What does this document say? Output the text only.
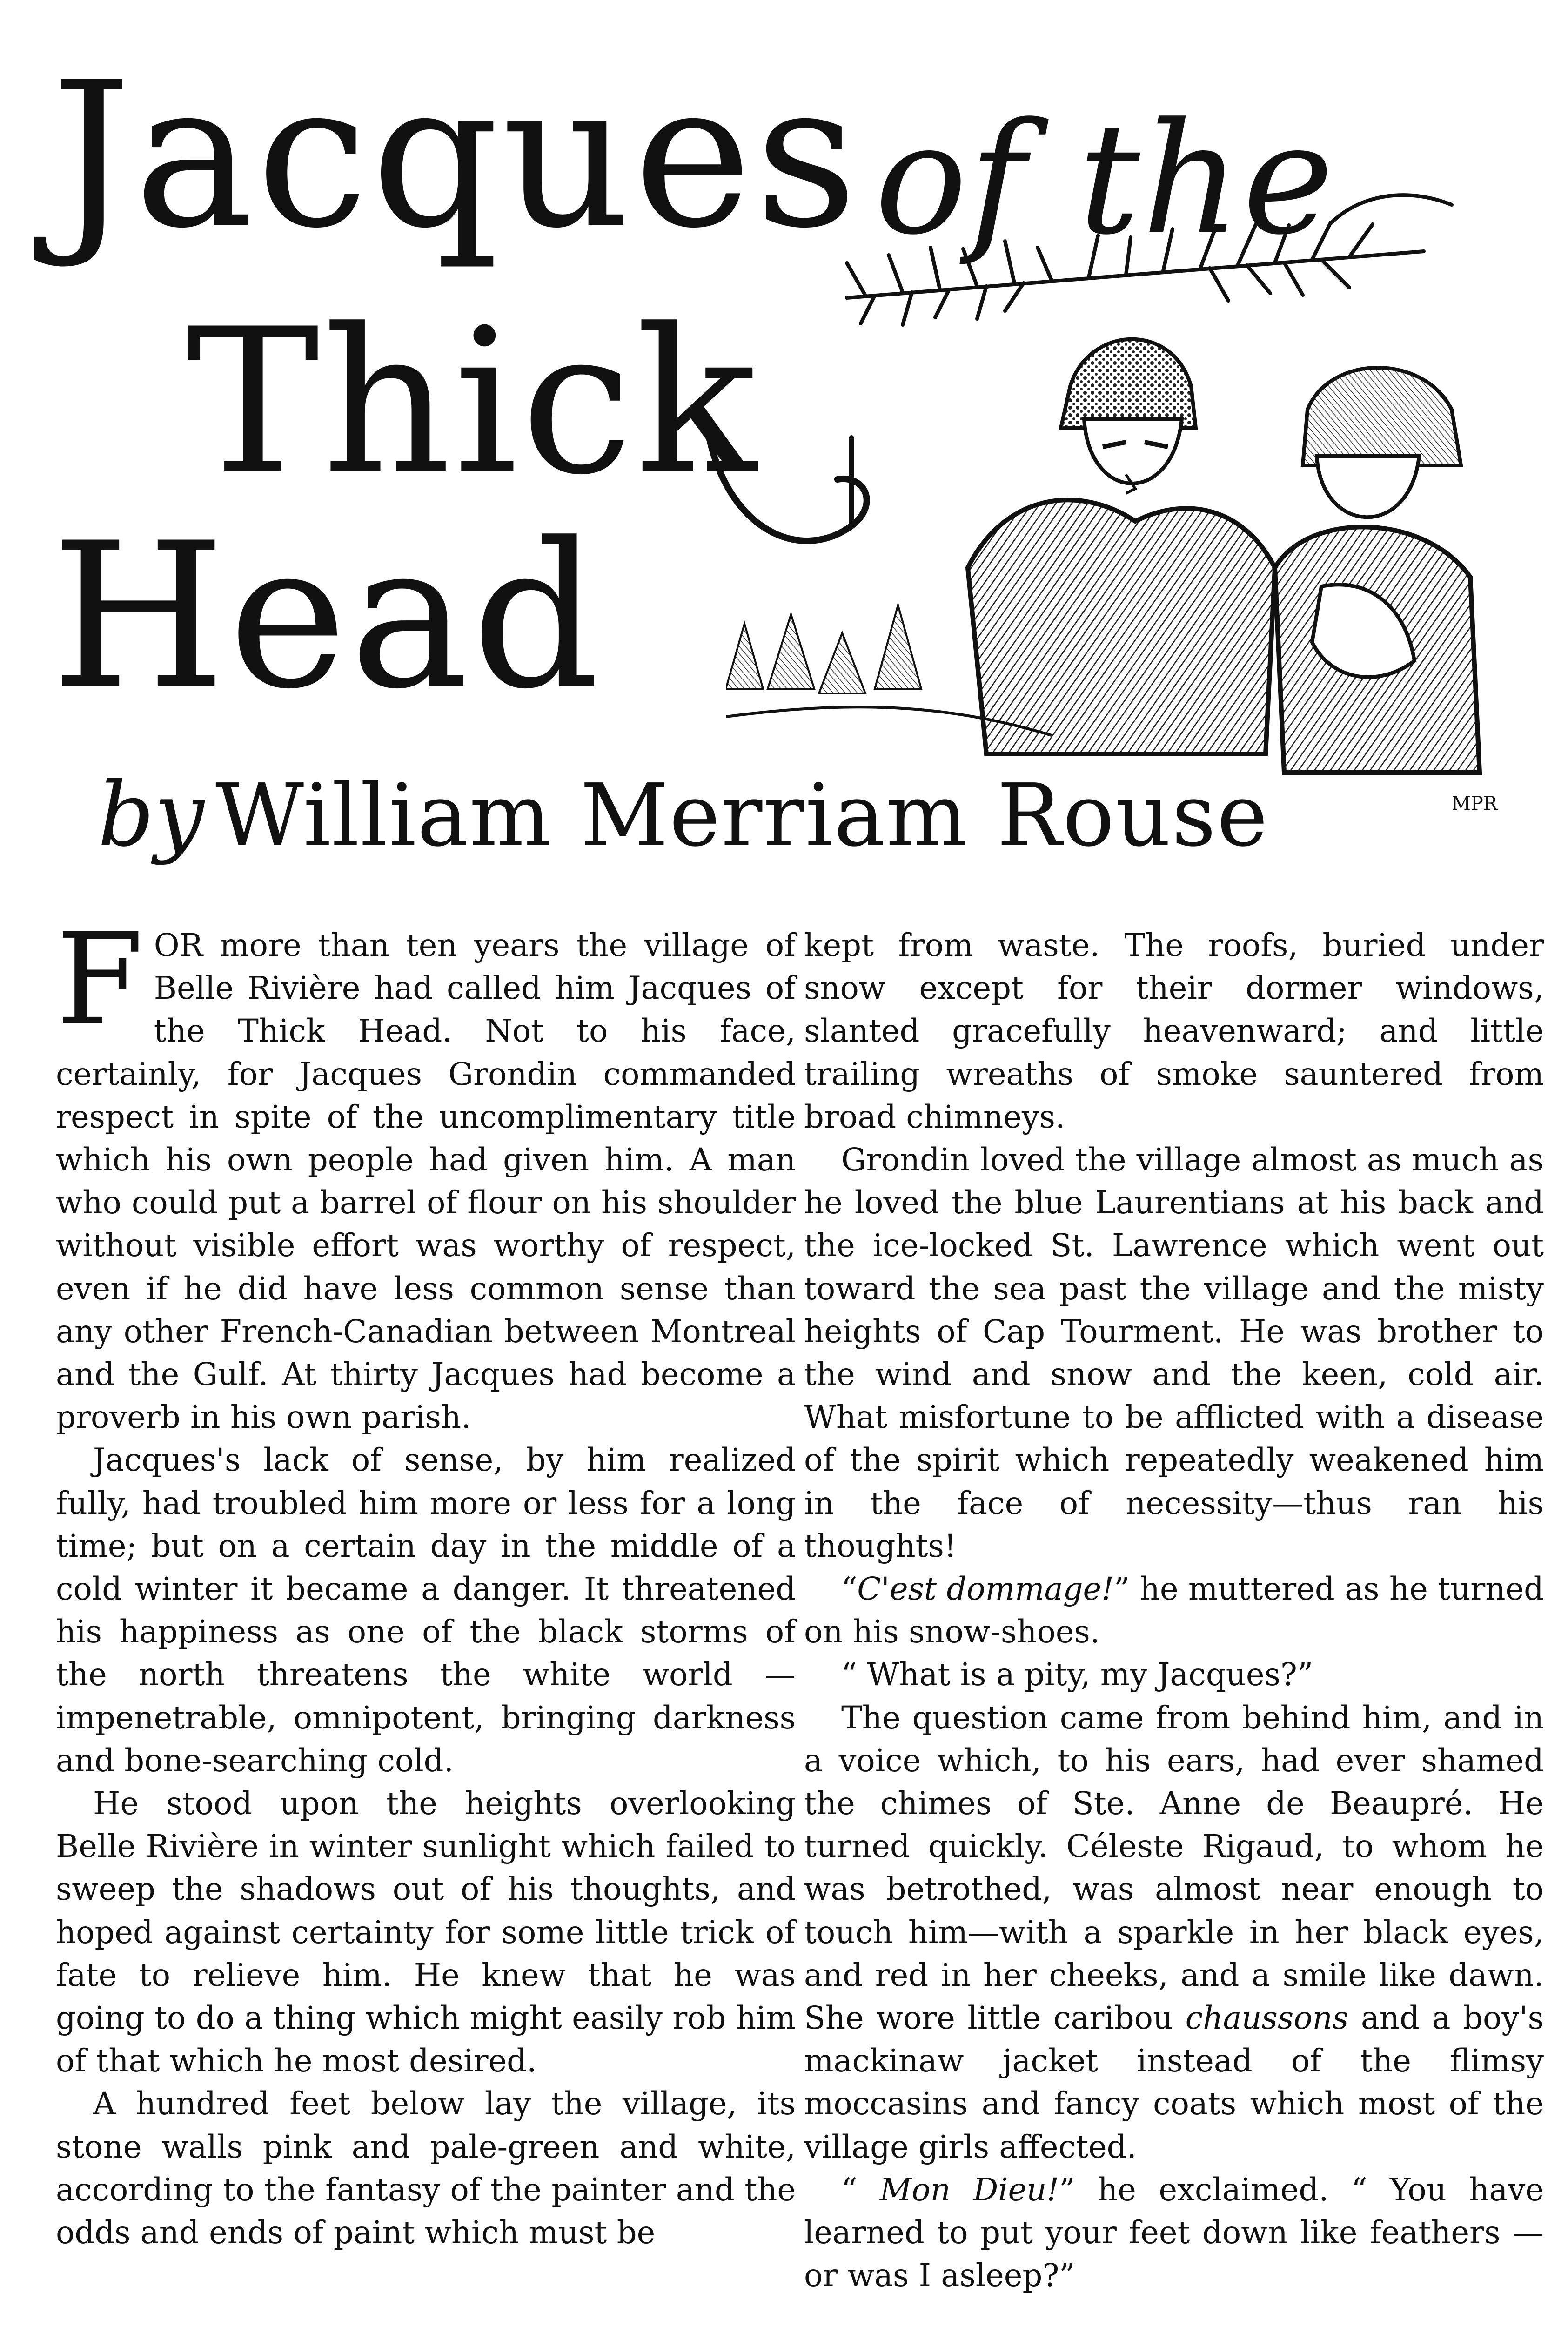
Jacques of the
Thick
Head
MPR
by William Merriam Rouse

FOR more than ten years the village of Belle Rivière had called him Jacques of the Thick Head. Not to his face, certainly, for Jacques Grondin commanded respect in spite of the uncomplimentary title which his own people had given him. A man who could put a barrel of flour on his shoulder without visible effort was worthy of respect, even if he did have less common sense than any other French-Canadian between Montreal and the Gulf. At thirty Jacques had become a proverb in his own parish.

Jacques's lack of sense, by him realized fully, had troubled him more or less for a long time; but on a certain day in the middle of a cold winter it became a danger. It threatened his happiness as one of the black storms of the north threatens the white world — impenetrable, omnipotent, bringing darkness and bone-searching cold.

He stood upon the heights overlooking Belle Rivière in winter sunlight which failed to sweep the shadows out of his thoughts, and hoped against certainty for some little trick of fate to relieve him. He knew that he was going to do a thing which might easily rob him of that which he most desired.

A hundred feet below lay the village, its stone walls pink and pale-green and white, according to the fantasy of the painter and the odds and ends of paint which must be

kept from waste. The roofs, buried under snow except for their dormer windows, slanted gracefully heavenward; and little trailing wreaths of smoke sauntered from broad chimneys.

Grondin loved the village almost as much as he loved the blue Laurentians at his back and the ice-locked St. Lawrence which went out toward the sea past the village and the misty heights of Cap Tourment. He was brother to the wind and snow and the keen, cold air. What misfortune to be afflicted with a disease of the spirit which repeatedly weakened him in the face of necessity—thus ran his thoughts!

“C'est dommage!” he muttered as he turned on his snow-shoes.

“ What is a pity, my Jacques?”

The question came from behind him, and in a voice which, to his ears, had ever shamed the chimes of Ste. Anne de Beaupré. He turned quickly. Céleste Rigaud, to whom he was betrothed, was almost near enough to touch him—with a sparkle in her black eyes, and red in her cheeks, and a smile like dawn. She wore little caribou chaussons and a boy's mackinaw jacket instead of the flimsy moccasins and fancy coats which most of the village girls affected.

“ Mon Dieu!” he exclaimed. “ You have learned to put your feet down like feathers —or was I asleep?”
